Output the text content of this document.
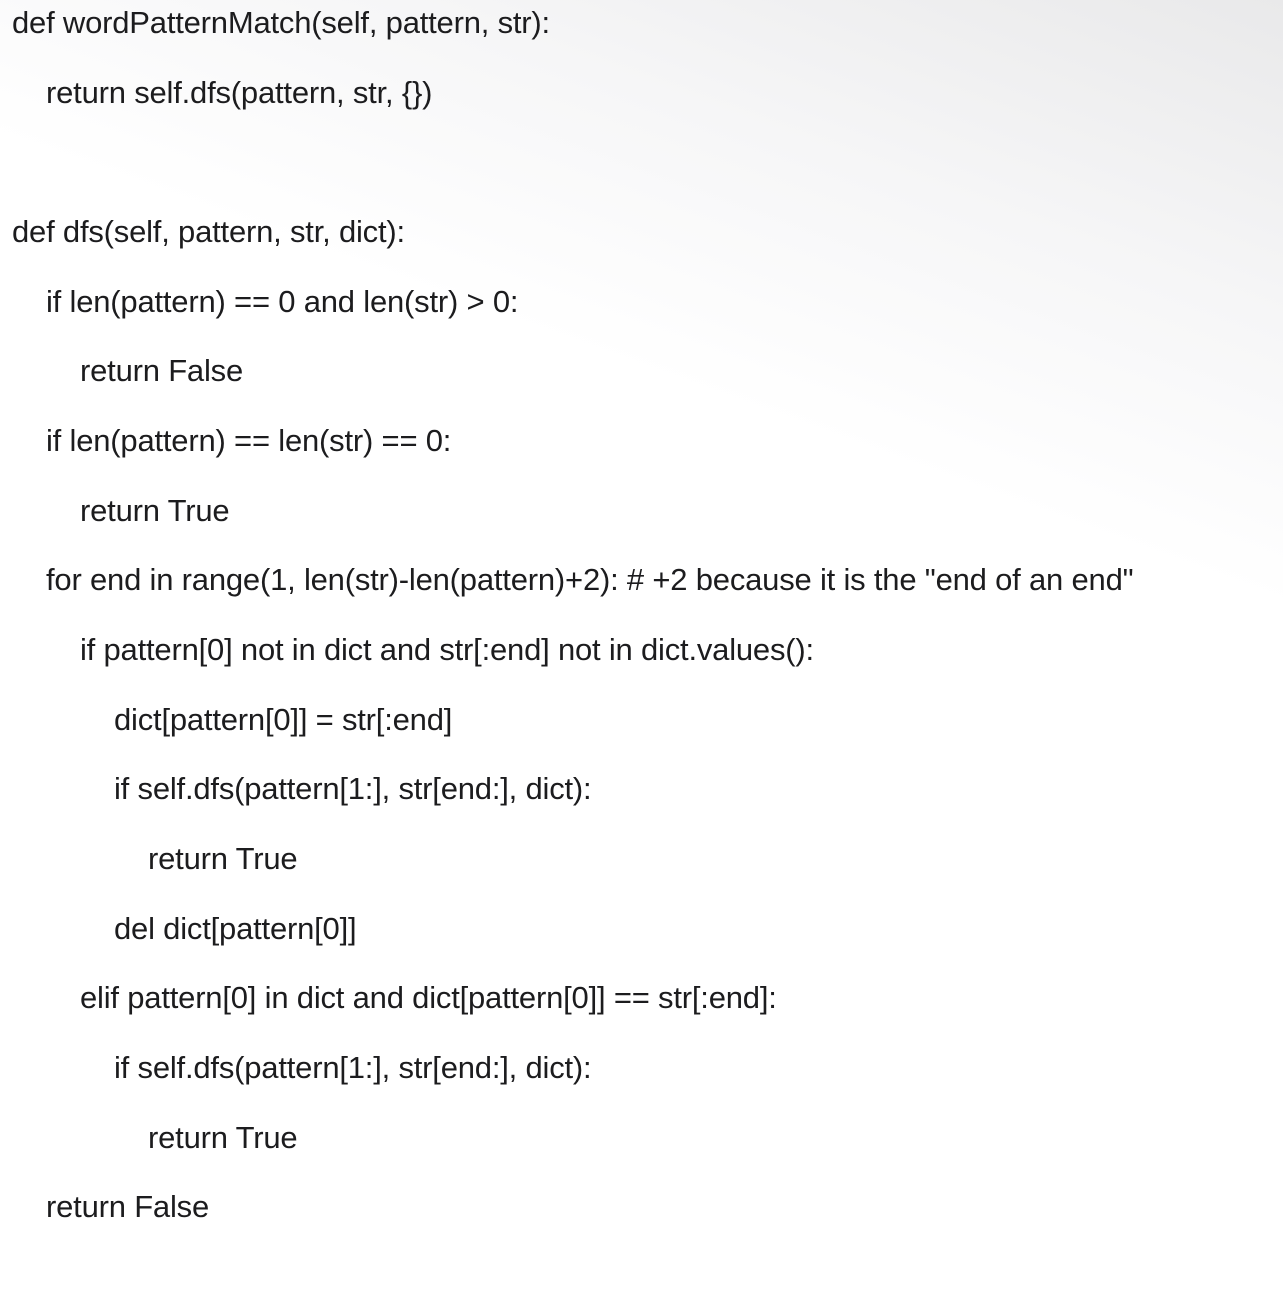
def wordPatternMatch(self, pattern, str):
return self.dfs(pattern, str, {})
def dfs(self, pattern, str, dict):
if len(pattern) == 0 and len(str) > 0:
return False
if len(pattern) == len(str) == 0:
return True
for end in range(1, len(str)-len(pattern)+2): # +2 because it is the "end of an end"
if pattern[0] not in dict and str[:end] not in dict.values():
dict[pattern[0]] = str[:end]
if self.dfs(pattern[1:], str[end:], dict):
return True
del dict[pattern[0]]
elif pattern[0] in dict and dict[pattern[0]] == str[:end]:
if self.dfs(pattern[1:], str[end:], dict):
return True
return False
